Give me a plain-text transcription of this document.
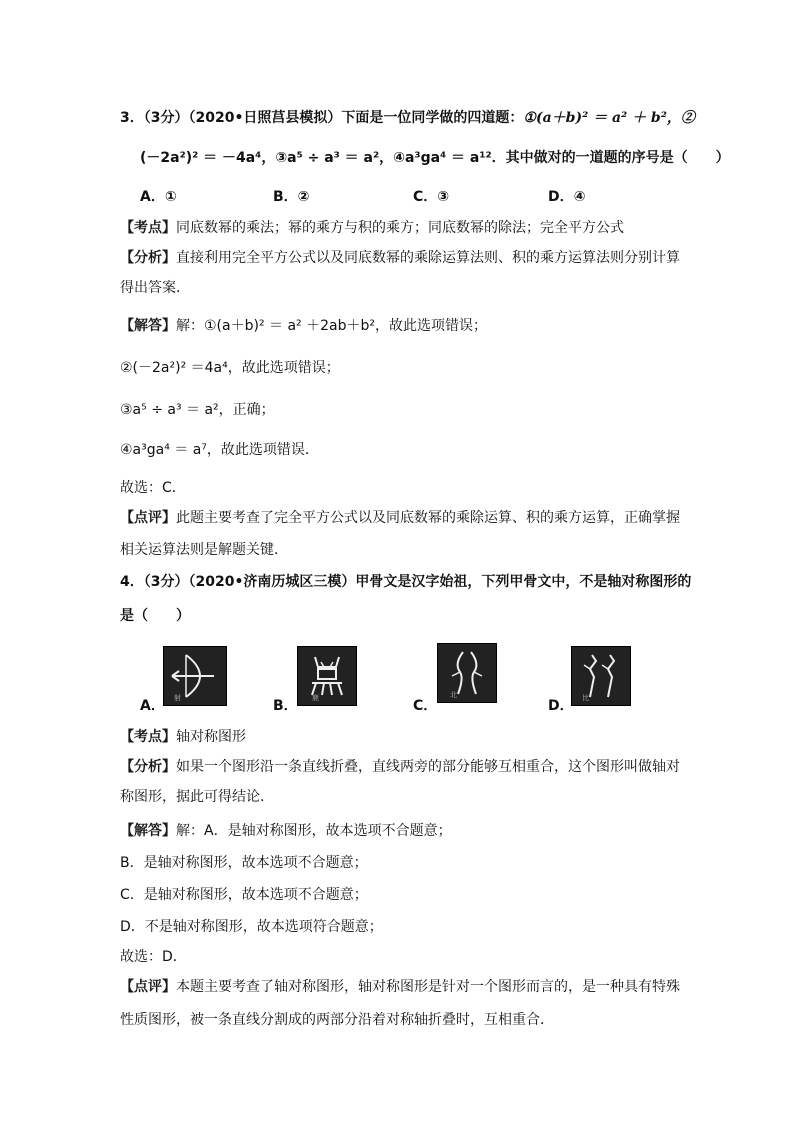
3．（3分）（2020•日照莒县模拟）下面是一位同学做的四道题：①(a＋b)² ＝ a² ＋ b²，②
(－2a²)² ＝ －4a⁴，③a⁵ ÷ a³ ＝ a²，④a³ga⁴ ＝ a¹²．其中做对的一道题的序号是（　　）
A．①	B．②	C．③	D．④
【考点】同底数幂的乘法；幂的乘方与积的乘方；同底数幂的除法；完全平方公式
【分析】直接利用完全平方公式以及同底数幂的乘除运算法则、积的乘方运算法则分别计算
得出答案．
【解答】解：①(a＋b)² ＝ a² ＋2ab＋b²，故此选项错误；
②(－2a²)² ＝4a⁴，故此选项错误；
③a⁵ ÷ a³ ＝ a²，正确；
④a³ga⁴ ＝ a⁷，故此选项错误．
故选：C．
【点评】此题主要考查了完全平方公式以及同底数幂的乘除运算、积的乘方运算，正确掌握
相关运算法则是解题关键．
4．（3分）（2020•济南历城区三模）甲骨文是汉字始祖，下列甲骨文中，不是轴对称图形的
是（　　）
射
A．	鹿
B．
北
C．	比
D．
【考点】轴对称图形
【分析】如果一个图形沿一条直线折叠，直线两旁的部分能够互相重合，这个图形叫做轴对
称图形，据此可得结论．
【解答】解：A．是轴对称图形，故本选项不合题意；
B．是轴对称图形，故本选项不合题意；
C．是轴对称图形，故本选项不合题意；
D．不是轴对称图形，故本选项符合题意；
故选：D．
【点评】本题主要考查了轴对称图形，轴对称图形是针对一个图形而言的，是一种具有特殊
性质图形，被一条直线分割成的两部分沿着对称轴折叠时，互相重合．
